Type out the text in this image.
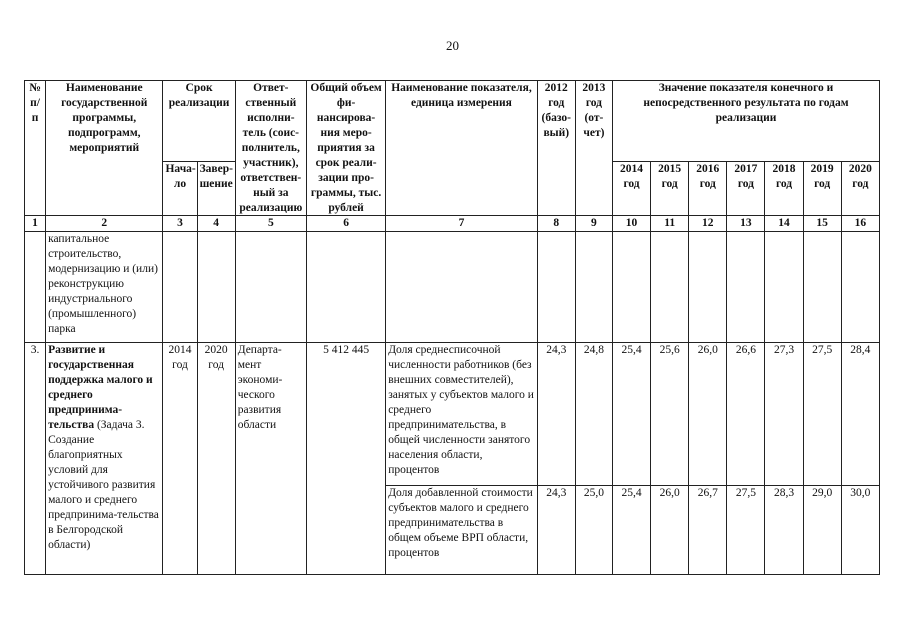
20
№ п/п	Наименование государственной программы, подпрограмм, мероприятий	Срок реализации		Ответ-ственный исполни-тель (соис-полнитель, участник), ответствен-ный за реализацию	Общий объем фи-нансирова-ния меро-приятия за срок реали-зации про-граммы, тыс. рублей	Наименование показателя, единица измерения	2012 год (базо-вый)	2013 год (от-чет)	Значение показателя конечного и непосредственного результата по годам реализации						
		Нача-ло	Завер-шение						2014 год	2015 год	2016 год	2017 год	2018 год	2019 год	2020 год
1	2	3	4	5	6	7	8	9	10	11	12	13	14	15	16
	капитальное строительство, модернизацию и (или) реконструкцию индустриального (промышленного) парка														
3.	Развитие и государственная поддержка малого и среднего предпринима-тельства (Задача 3. Создание благоприятных условий для устойчивого развития малого и среднего предпринима-тельства в Белгородской области)	2014 год	2020 год	Департа-мент экономи-ческого развития области	5 412 445	Доля среднесписочной численности работников (без внешних совместителей), занятых у субъектов малого и среднего предпринимательства, в общей численности занятого населения области, процентов	24,3	24,8	25,4	25,6	26,0	26,6	27,3	27,5	28,4
						Доля добавленной стоимости субъектов малого и среднего предпринимательства в общем объеме ВРП области, процентов	24,3	25,0	25,4	26,0	26,7	27,5	28,3	29,0	30,0
